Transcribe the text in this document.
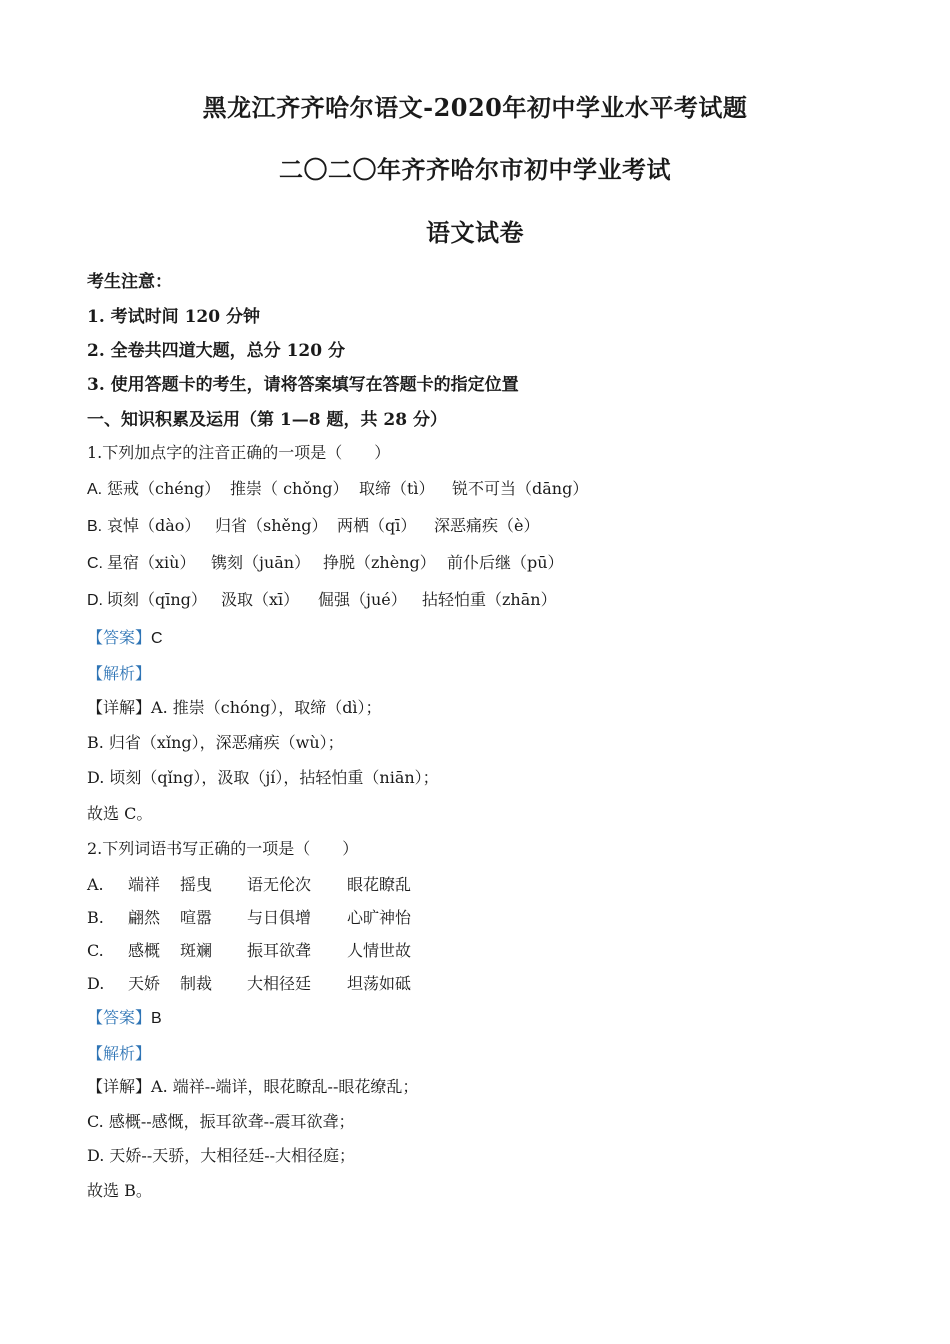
黑龙江齐齐哈尔语文-2020年初中学业水平考试题
二〇二〇年齐齐哈尔市初中学业考试
语文试卷
考生注意：
1. 考试时间 120 分钟
2. 全卷共四道大题，总分 120 分
3. 使用答题卡的考生，请将答案填写在答题卡的指定位置
一、知识积累及运用（第 1—8 题，共 28 分）
1.下列加点字的注音正确的一项是（　　）
A. 惩戒（chéng） 推崇（ chǒng） 取缔（tì） 锐不可当（dāng）
B. 哀悼（dào） 归省（shěng） 两栖（qī） 深恶痛疾（è）
C. 星宿（xiù） 镌刻（juān） 挣脱（zhèng） 前仆后继（pū）
D. 顷刻（qīng） 汲取（xī） 倔强（jué） 拈轻怕重（zhān）
【答案】C
【解析】
【详解】A. 推崇（chóng），取缔（dì）；
B. 归省（xǐng），深恶痛疾（wù）；
D. 顷刻（qǐng），汲取（jí），拈轻怕重（niān）；
故选 C。
2.下列词语书写正确的一项是（　　）
A. 端祥 摇曳 语无伦次 眼花瞭乱
B. 翩然 喧嚣 与日俱增 心旷神怡
C. 感概 斑斓 振耳欲聋 人情世故
D. 天娇 制裁 大相径廷 坦荡如砥
【答案】B
【解析】
【详解】A. 端祥--端详，眼花瞭乱--眼花缭乱；
C. 感概--感慨，振耳欲聋--震耳欲聋；
D. 天娇--天骄，大相径廷--大相径庭；
故选 B。
